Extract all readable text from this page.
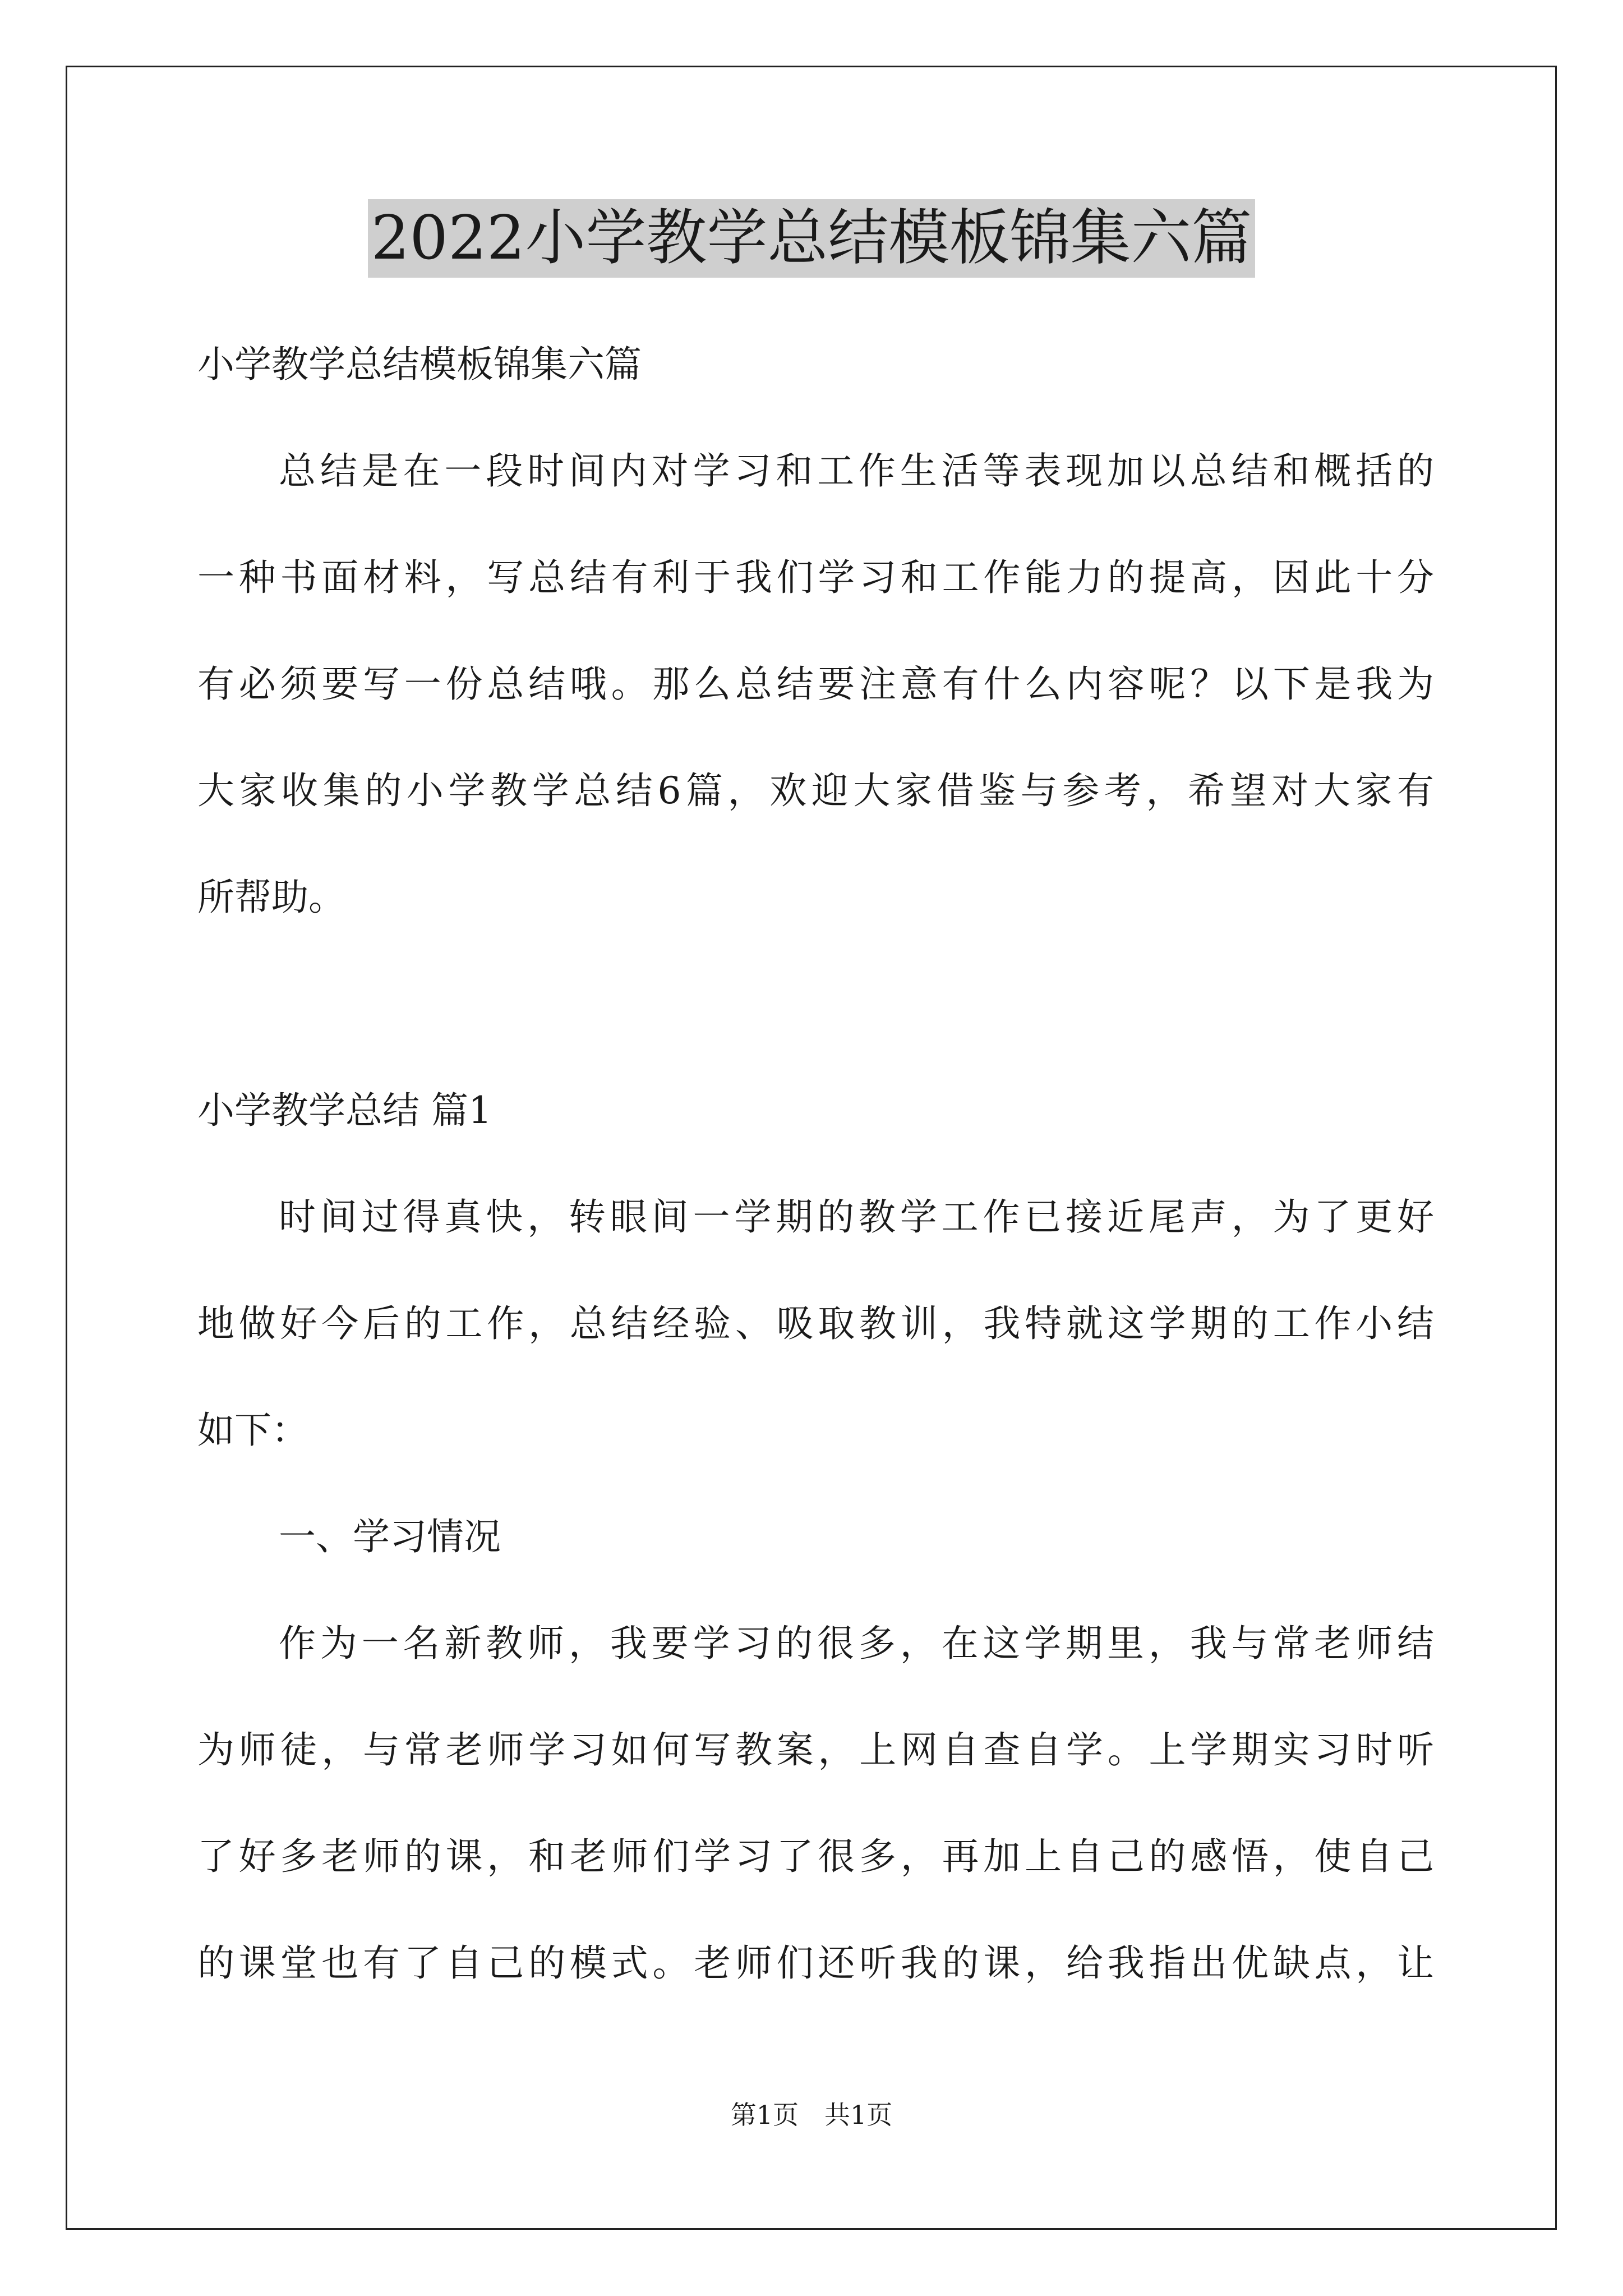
2022小学教学总结模板锦集六篇
小学教学总结模板锦集六篇
总结是在一段时间内对学习和工作生活等表现加以总结和概括的
一种书面材料，写总结有利于我们学习和工作能力的提高，因此十分
有必须要写一份总结哦。那么总结要注意有什么内容呢？以下是我为
大家收集的小学教学总结6篇，欢迎大家借鉴与参考，希望对大家有
所帮助。
小学教学总结 篇1
时间过得真快，转眼间一学期的教学工作已接近尾声，为了更好
地做好今后的工作，总结经验、吸取教训，我特就这学期的工作小结
如下：
一、学习情况
作为一名新教师，我要学习的很多，在这学期里，我与常老师结
为师徒，与常老师学习如何写教案，上网自查自学。上学期实习时听
了好多老师的课，和老师们学习了很多，再加上自己的感悟，使自己
的课堂也有了自己的模式。老师们还听我的课，给我指出优缺点，让
第1页　共1页
